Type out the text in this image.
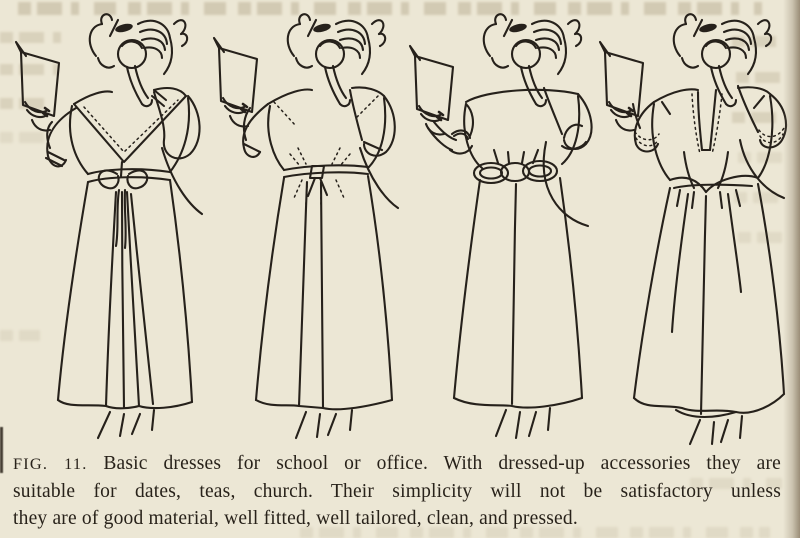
FIG. 11. Basic dresses for school or office. With dressed-up accessories they are
suitable for dates, teas, church. Their simplicity will not be satisfactory unless
they are of good material, well fitted, well tailored, clean, and pressed.
